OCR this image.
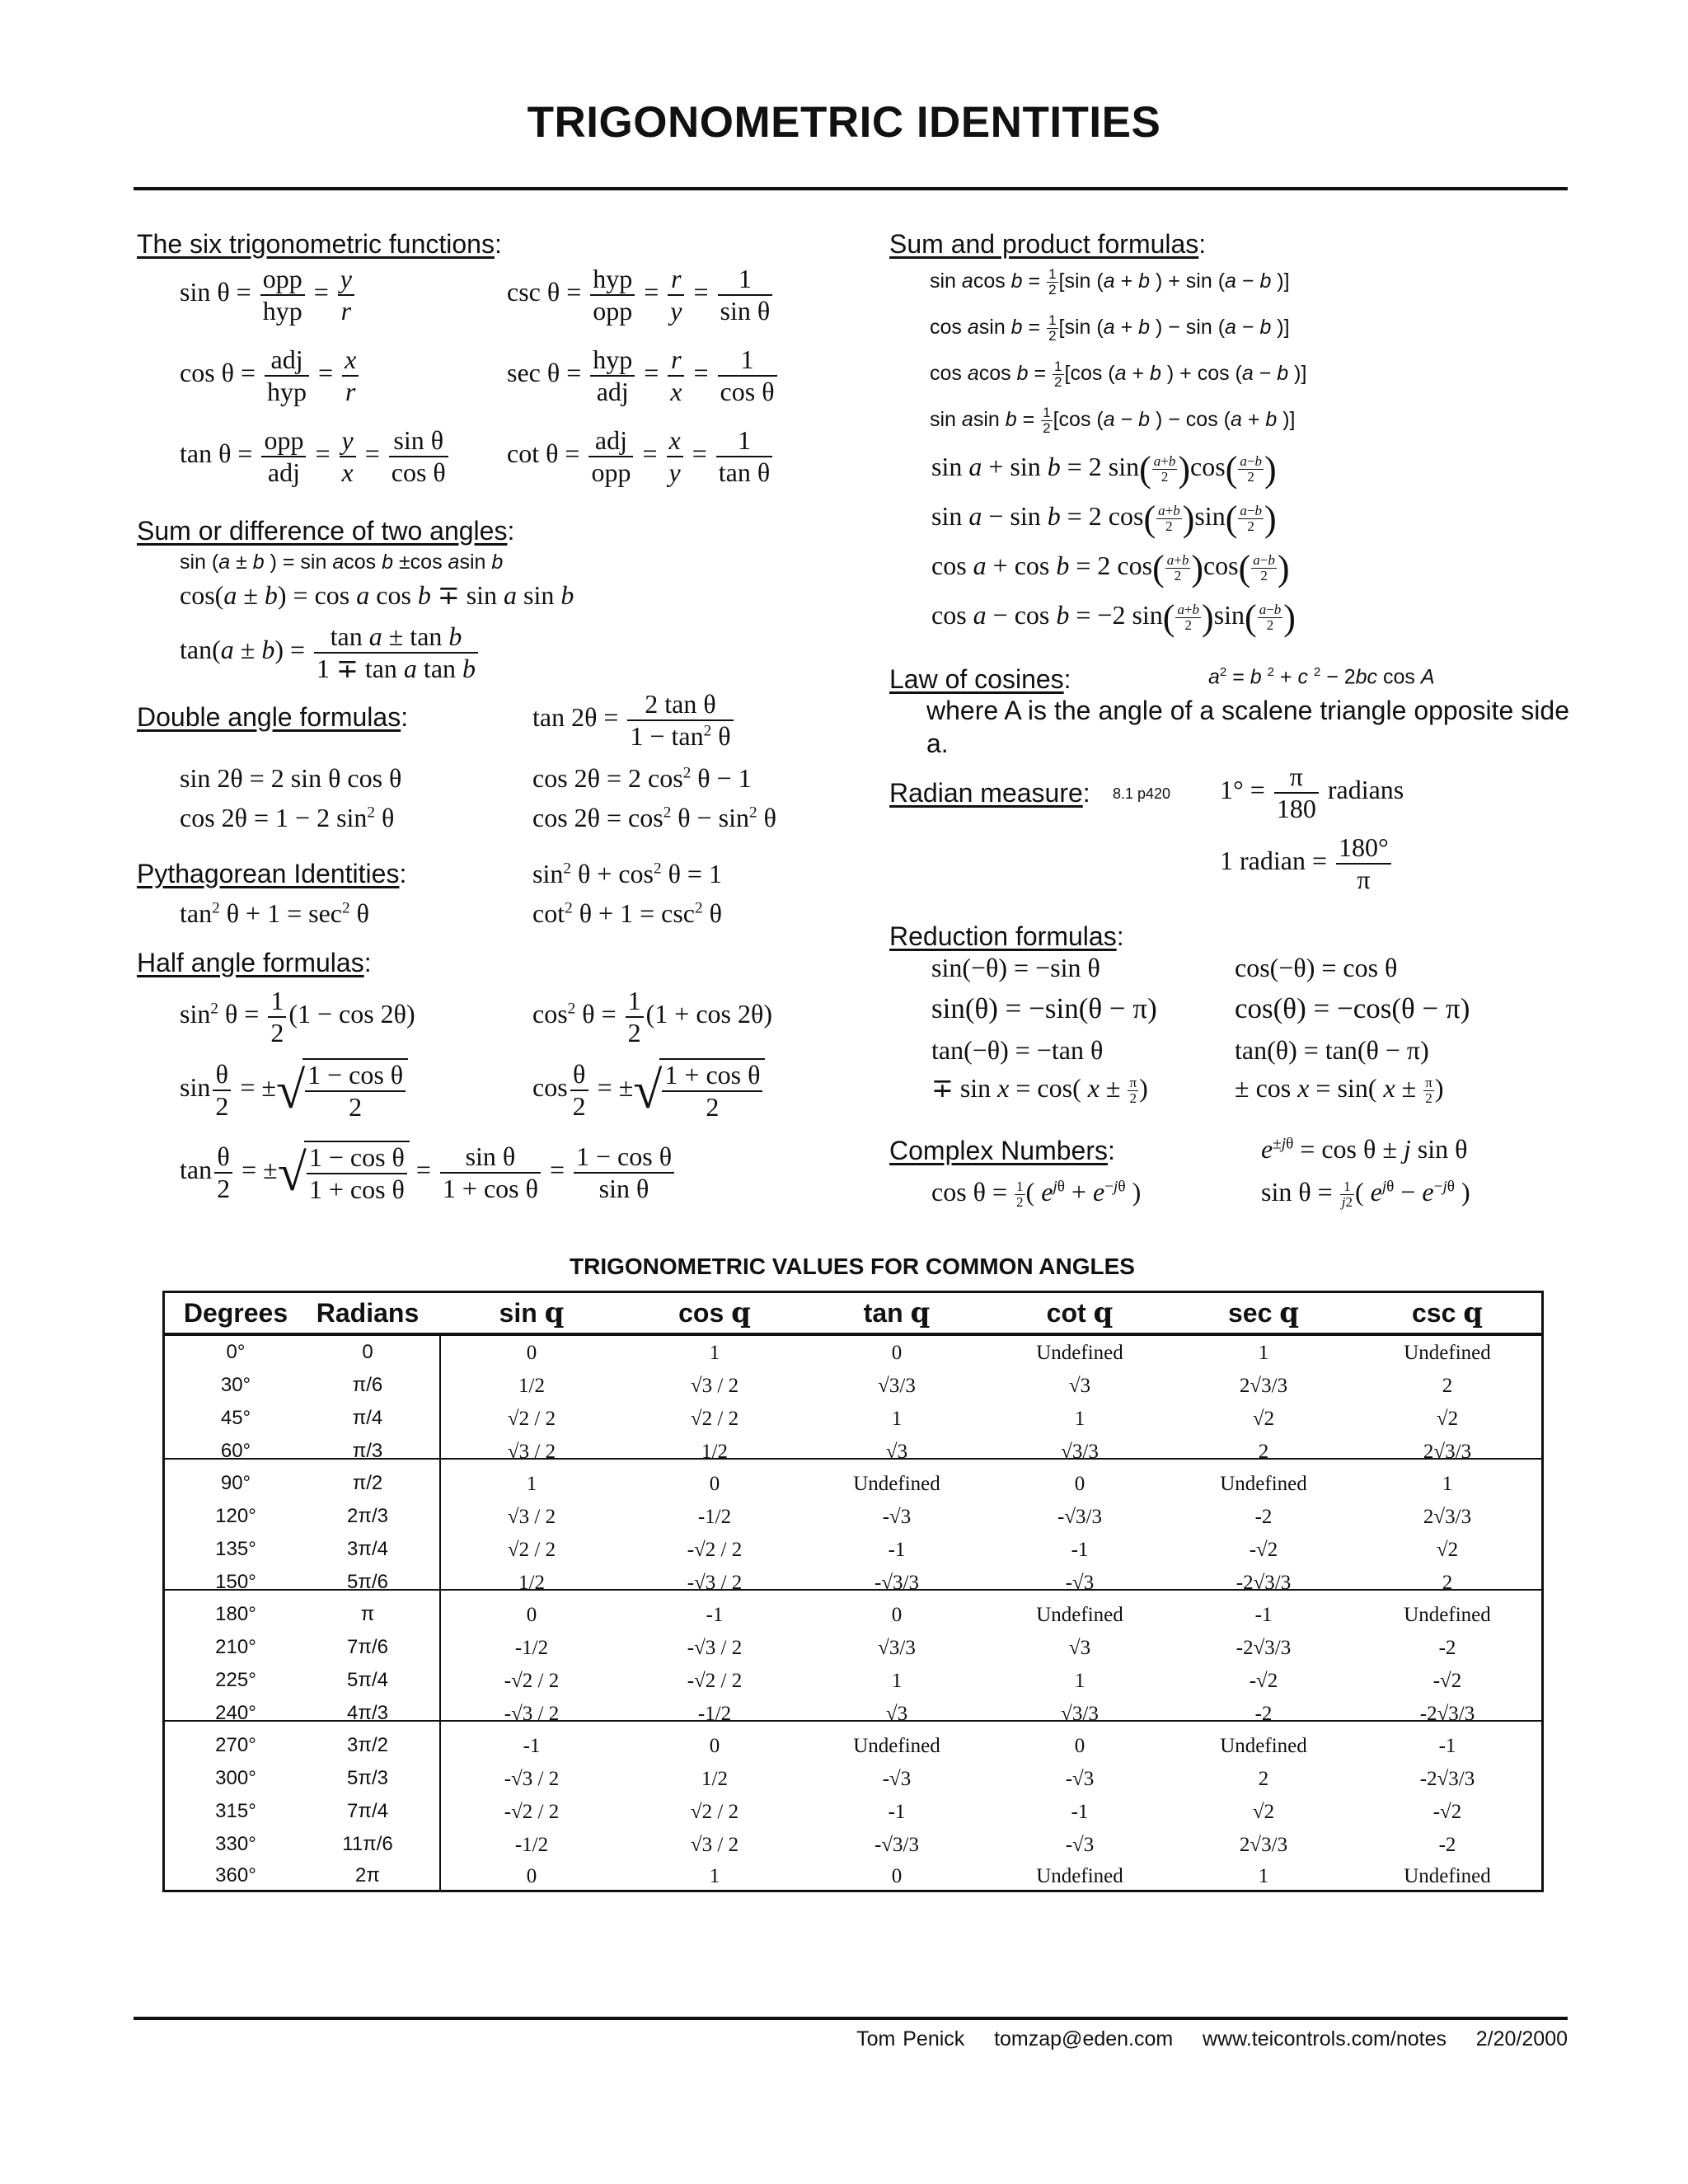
TRIGONOMETRIC IDENTITIES
The six trigonometric functions:
sin θ = opp
hyp
= $\frac{y}{r}$	csc θ = hyp
opp
= $\frac{r}{y} = \frac{1}{\text{sin θ}}$
cos θ = adj
hyp
= $\frac{x}{r}$	sec θ = hyp
adj
= $\frac{r}{x} = \frac{1}{\text{cos θ}}$
tan θ = opp
adj
= $\frac{y}{x} = \frac{\text{sin θ}}{\text{cos θ}}$ cot θ = adj
opp
= $\frac{x}{y} = \frac{1}{\text{tan θ}}$
Sum or difference of two angles:
sin (a ± b ) = sin acos b ±cos asin b
cos(a ± b) = cos a cos b ∓ sin a sin b
$\tan(a \pm b) = \frac{\text{tan a ± tan b}}{\text{1 ∓ tan a tan b}}$
Double angle formulas:	$\tan 2\theta = \frac{\text{2 tan θ}}{1 - \tan^2 \theta}$
sin 2θ = 2 sin θ cos θ	cos 2θ = 2 $\cos^2 \theta - 1$
cos 2θ = 1 − 2 $\sin^2 \theta$	$\cos 2\theta = \cos^2 \theta - \sin^2 \theta$
Pythagorean Identities:	$\sin^2 \theta + \cos^2 \theta = 1$
$\tan^2 \theta + 1 = \sec^2 \theta$	$\cot^2 \theta + 1 = \csc^2 \theta$
Half angle formulas:
$\sin^2 \theta = \frac{1}{2} (1 - \cos 2\theta)$	$\cos^2 \theta = \frac{1}{2} (1 + \cos 2\theta)$
$\sin \frac{\theta}{2}$ = ±√ $\frac{\text{1 − cos θ}}{2}$	$\cos \frac{\theta}{2}$ = ±√ $\frac{\text{1 + cos θ}}{2}$
$\tan \frac{\theta}{2}$ = ±√ $\frac{\text{1 − cos θ}}{\text{1 + cos θ}} = \frac{\text{sin θ}}{\text{1 + cos θ}} = \frac{\text{1 − cos θ}}{\text{sin θ}}$
Sum and product formulas:
sin acos $b = \frac{1}{2} [\sin$ (a + b ) + sin (a − b )]
cos asin $b = \frac{1}{2} [\sin$ (a + b ) − sin (a − b )]
cos acos $b = \frac{1}{2} [\cos$ (a + b ) + cos (a − b )]
sin asin $b = \frac{1}{2} [\cos$ (a − b ) − cos (a + b )]
sin a + sin b = 2 $\sin( \frac{a+b}{2} )\cos( \frac{a-b}{2}$ )
sin a − sin b = 2 $\cos( \frac{a+b}{2} )\sin( \frac{a-b}{2}$ )
cos a + cos b = 2 $\cos( \frac{a+b}{2} )\cos( \frac{a-b}{2}$ )
cos a − cos b = −2 $\sin( \frac{a+b}{2} )\sin( \frac{a-b}{2}$ )
Law of cosines:	$a^2 = b$ $^2$ + c $^2$ − 2bc cos A
where A is the angle of a scalene triangle opposite side a.
Radian measure: 8.1 p420 $1^\circ = \frac{\pi}{180}$ radians
1 radian = $\frac{180^\circ}{\pi}$
Reduction formulas:
sin(−θ) = −sin θ	cos(−θ) = cos θ
sin(θ) = −sin(θ − π)	cos(θ) = −cos(θ − π)
tan(−θ) = −tan θ	tan(θ) = tan(θ − π)
∓ sin x = cos( $x \pm \frac{\pi}{2}$ )	± cos x = sin( $x \pm \frac{\pi}{2}$ )
Complex Numbers:	$e^{\pm j\theta} = \cos \theta \pm j$ sin θ
$\cos \theta = \frac{1}{2}$ ( $e^{j\theta} + e^{-j\theta}$ )	$\sin \theta = \frac{1}{j2}$ ( $e^{j\theta} - e^{-j\theta}$ )
TRIGONOMETRIC VALUES FOR COMMON ANGLES
Degrees	Radians	sin q	cos q	tan q	cot q	sec q	csc q
0°	0	0	1	0	Undefined	1	Undefined
30°	π/6	1/2	√3 / 2	√3/3	√3	2√3/3	2
45°	π/4	√2 / 2	√2 / 2	1	1	√2	√2
60°	π/3	√3 / 2	1/2	√3	√3/3	2	2√3/3
90°	π/2	1	0	Undefined	0	Undefined	1
120°	2π/3	√3 / 2	-1/2	-√3	-√3/3	-2	2√3/3
135°	3π/4	√2 / 2	-√2 / 2	-1	-1	-√2	√2
150°	5π/6	1/2	-√3 / 2	-√3/3	-√3	-2√3/3	2
180°	π	0	-1	0	Undefined	-1	Undefined
210°	7π/6	-1/2	-√3 / 2	√3/3	√3	-2√3/3	-2
225°	5π/4	-√2 / 2	-√2 / 2	1	1	-√2	-√2
240°	4π/3	-√3 / 2	-1/2	√3	√3/3	-2	-2√3/3
270°	3π/2	-1	0	Undefined	0	Undefined	-1
300°	5π/3	-√3 / 2	1/2	-√3	-√3	2	-2√3/3
315°	7π/4	-√2 / 2	√2 / 2	-1	-1	√2	-√2
330°	11π/6	-1/2	√3 / 2	-√3/3	-√3	2√3/3	-2
360°	2π	0	1	0	Undefined	1	Undefined
Tom Penick tomzap@eden.com www.teicontrols.com/notes 2/20/2000
